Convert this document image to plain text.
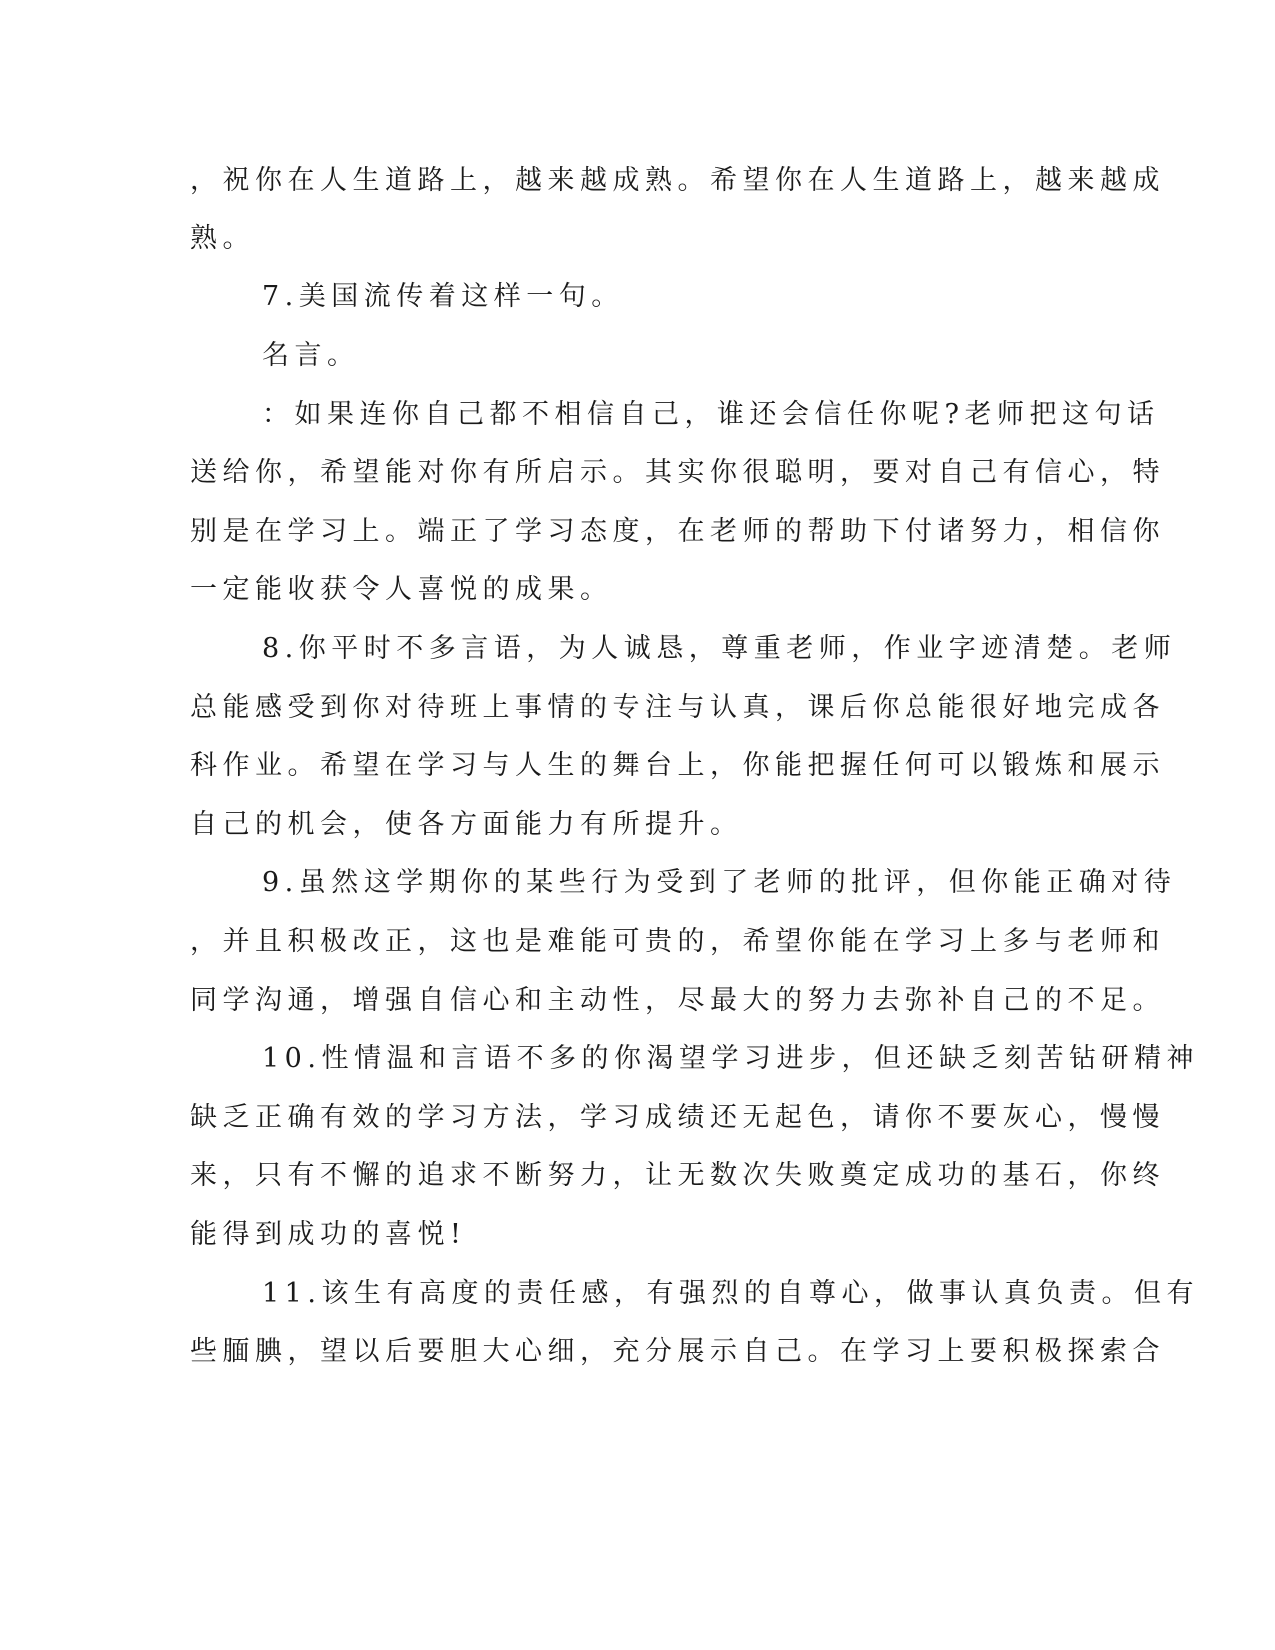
，祝你在人生道路上，越来越成熟。希望你在人生道路上，越来越成

熟。

7.美国流传着这样一句。

名言。

：如果连你自己都不相信自己，谁还会信任你呢?老师把这句话

送给你，希望能对你有所启示。其实你很聪明，要对自己有信心，特

别是在学习上。端正了学习态度，在老师的帮助下付诸努力，相信你

一定能收获令人喜悦的成果。

8.你平时不多言语，为人诚恳，尊重老师，作业字迹清楚。老师

总能感受到你对待班上事情的专注与认真，课后你总能很好地完成各

科作业。希望在学习与人生的舞台上，你能把握任何可以锻炼和展示

自己的机会，使各方面能力有所提升。

9.虽然这学期你的某些行为受到了老师的批评，但你能正确对待

，并且积极改正，这也是难能可贵的，希望你能在学习上多与老师和

同学沟通，增强自信心和主动性，尽最大的努力去弥补自己的不足。

10.性情温和言语不多的你渴望学习进步，但还缺乏刻苦钻研精神

缺乏正确有效的学习方法，学习成绩还无起色，请你不要灰心，慢慢

来，只有不懈的追求不断努力，让无数次失败奠定成功的基石，你终

能得到成功的喜悦!

11.该生有高度的责任感，有强烈的自尊心，做事认真负责。但有

些腼腆，望以后要胆大心细，充分展示自己。在学习上要积极探索合
